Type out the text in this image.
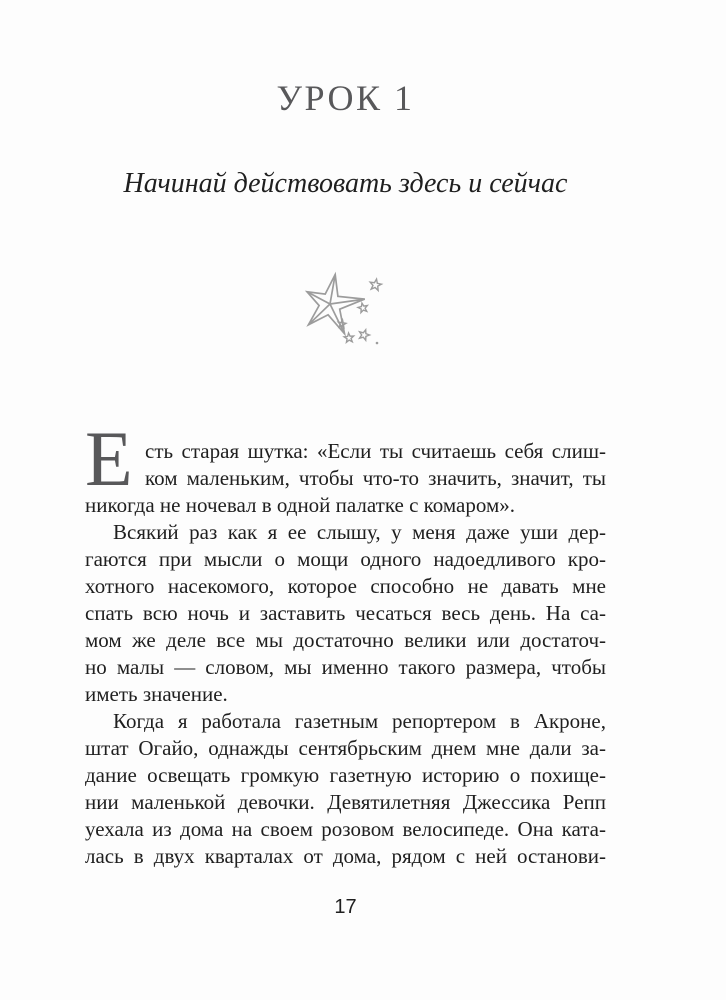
УРОК 1
Начинай действовать здесь и сейчас
Е сть старая шутка: «Если ты считаешь себя слиш-
ком маленьким, чтобы что-то значить, значит, ты
никогда не ночевал в одной палатке с комаром».
Всякий раз как я ее слышу, у меня даже уши дер-
гаются при мысли о мощи одного надоедливого кро-
хотного насекомого, которое способно не давать мне
спать всю ночь и заставить чесаться весь день. На са-
мом же деле все мы достаточно велики или достаточ-
но малы — словом, мы именно такого размера, чтобы
иметь значение.
Когда я работала газетным репортером в Акроне,
штат Огайо, однажды сентябрьским днем мне дали за-
дание освещать громкую газетную историю о похище-
нии маленькой девочки. Девятилетняя Джессика Репп
уехала из дома на своем розовом велосипеде. Она ката-
лась в двух кварталах от дома, рядом с ней останови-
17
